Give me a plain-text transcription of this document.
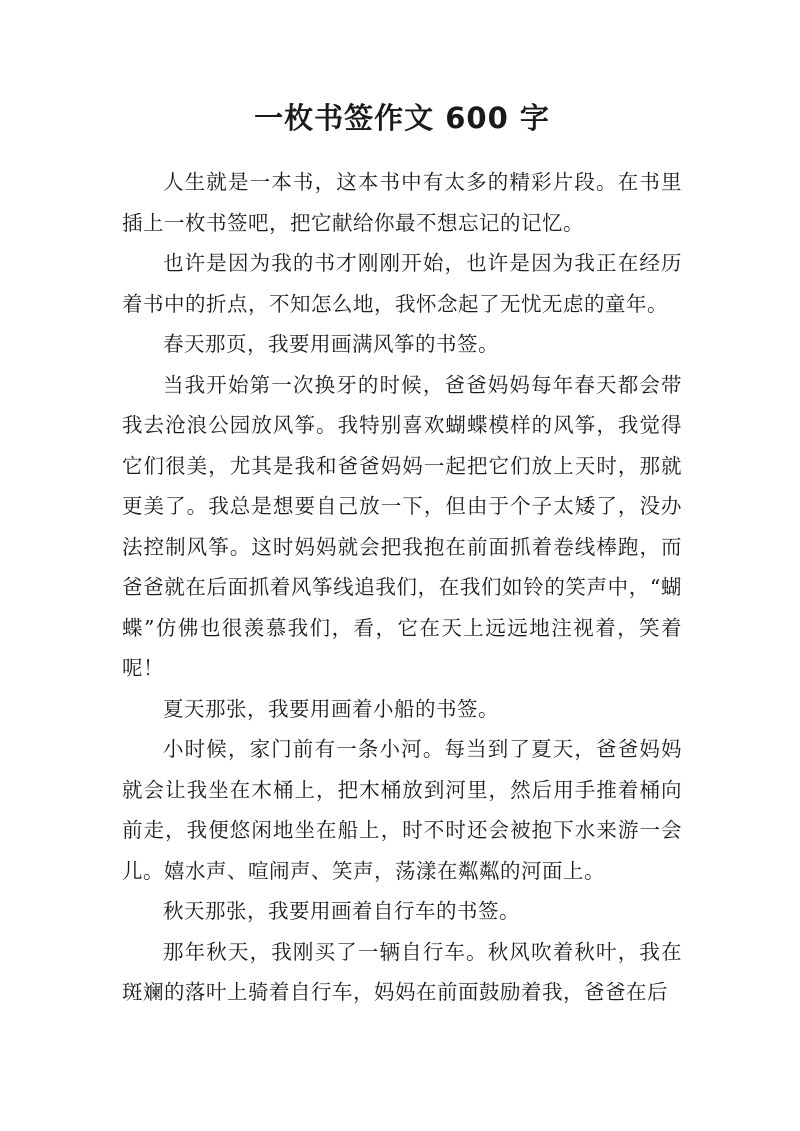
一枚书签作文 600 字

人生就是一本书，这本书中有太多的精彩片段。在书里插上一枚书签吧，把它献给你最不想忘记的记忆。

也许是因为我的书才刚刚开始，也许是因为我正在经历着书中的折点，不知怎么地，我怀念起了无忧无虑的童年。

春天那页，我要用画满风筝的书签。

当我开始第一次换牙的时候，爸爸妈妈每年春天都会带我去沧浪公园放风筝。我特别喜欢蝴蝶模样的风筝，我觉得它们很美，尤其是我和爸爸妈妈一起把它们放上天时，那就更美了。我总是想要自己放一下，但由于个子太矮了，没办法控制风筝。这时妈妈就会把我抱在前面抓着卷线棒跑，而爸爸就在后面抓着风筝线追我们，在我们如铃的笑声中，“蝴蝶”仿佛也很羡慕我们，看，它在天上远远地注视着，笑着呢！

夏天那张，我要用画着小船的书签。

小时候，家门前有一条小河。每当到了夏天，爸爸妈妈就会让我坐在木桶上，把木桶放到河里，然后用手推着桶向前走，我便悠闲地坐在船上，时不时还会被抱下水来游一会儿。嬉水声、喧闹声、笑声，荡漾在粼粼的河面上。

秋天那张，我要用画着自行车的书签。

那年秋天，我刚买了一辆自行车。秋风吹着秋叶，我在斑斓的落叶上骑着自行车，妈妈在前面鼓励着我，爸爸在后
